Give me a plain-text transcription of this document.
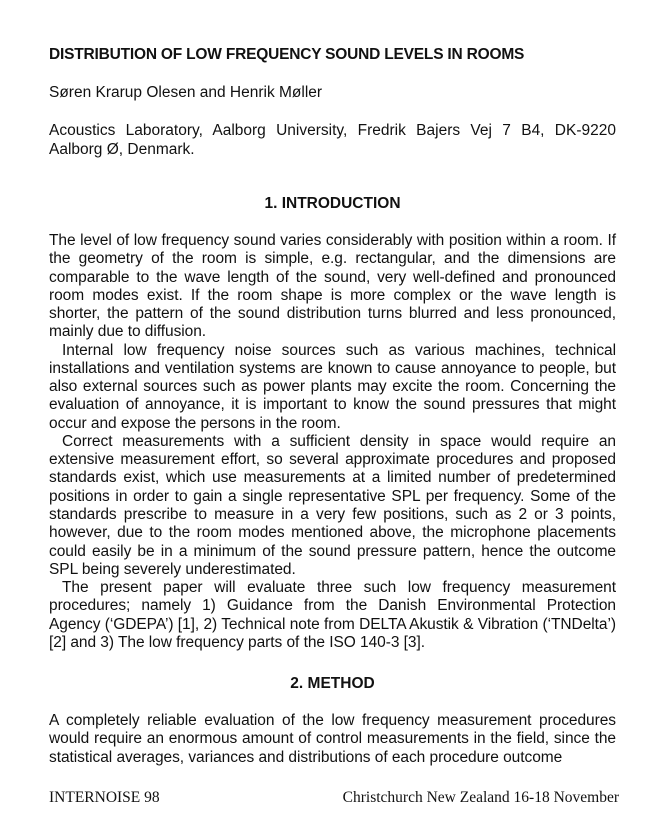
DISTRIBUTION OF LOW FREQUENCY SOUND LEVELS IN ROOMS
Søren Krarup Olesen and Henrik Møller
Acoustics Laboratory, Aalborg University, Fredrik Bajers Vej 7 B4, DK-9220 Aalborg Ø, Denmark.
1. INTRODUCTION

The level of low frequency sound varies considerably with position within a room. If the geometry of the room is simple, e.g. rectangular, and the dimensions are comparable to the wave length of the sound, very well-defined and pronounced room modes exist. If the room shape is more complex or the wave length is shorter, the pattern of the sound distribution turns blurred and less pronounced, mainly due to diffusion.

Internal low frequency noise sources such as various machines, technical installations and ventilation systems are known to cause annoyance to people, but also external sources such as power plants may excite the room. Concerning the evaluation of annoyance, it is important to know the sound pressures that might occur and expose the persons in the room.

Correct measurements with a sufficient density in space would require an extensive measurement effort, so several approximate procedures and proposed standards exist, which use measurements at a limited number of predetermined positions in order to gain a single representative SPL per frequency. Some of the standards prescribe to measure in a very few positions, such as 2 or 3 points, however, due to the room modes mentioned above, the microphone placements could easily be in a minimum of the sound pressure pattern, hence the outcome SPL being severely underestimated.

The present paper will evaluate three such low frequency measurement procedures; namely 1) Guidance from the Danish Environmental Protection Agency (‘GDEPA’) [1], 2) Technical note from DELTA Akustik & Vibration (‘TNDelta’) [2] and 3) The low frequency parts of the ISO 140-3 [3].

2. METHOD

A completely reliable evaluation of the low frequency measurement procedures would require an enormous amount of control measurements in the field, since the statistical averages, variances and distributions of each procedure outcome

INTERNOISE 98	Christchurch New Zealand 16-18 November
